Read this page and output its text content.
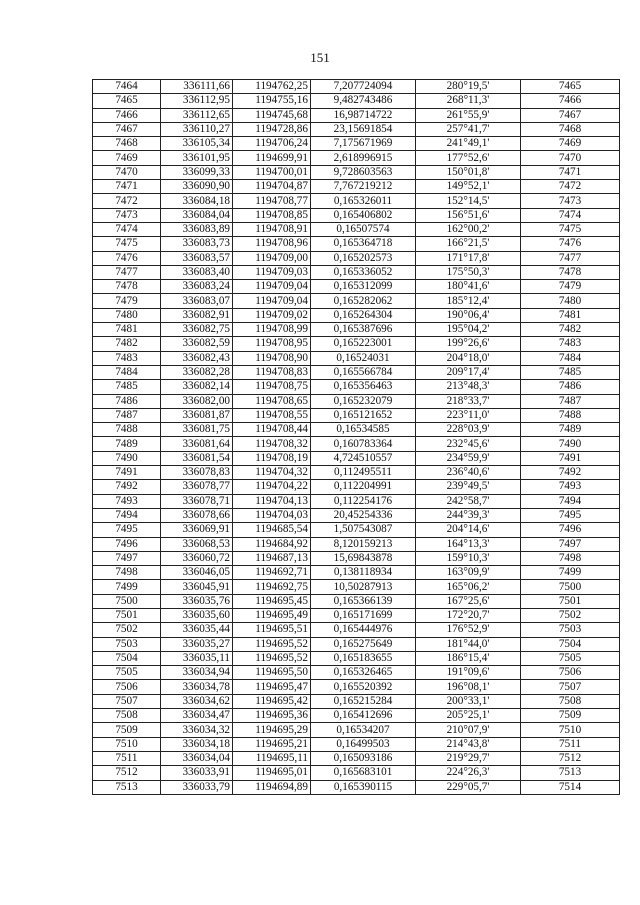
151
7464	336111,66	1194762,25	7,207724094	280°19,5'	7465
7465	336112,95	1194755,16	9,482743486	268°11,3'	7466
7466	336112,65	1194745,68	16,98714722	261°55,9'	7467
7467	336110,27	1194728,86	23,15691854	257°41,7'	7468
7468	336105,34	1194706,24	7,175671969	241°49,1'	7469
7469	336101,95	1194699,91	2,618996915	177°52,6'	7470
7470	336099,33	1194700,01	9,728603563	150°01,8'	7471
7471	336090,90	1194704,87	7,767219212	149°52,1'	7472
7472	336084,18	1194708,77	0,165326011	152°14,5'	7473
7473	336084,04	1194708,85	0,165406802	156°51,6'	7474
7474	336083,89	1194708,91	0,16507574	162°00,2'	7475
7475	336083,73	1194708,96	0,165364718	166°21,5'	7476
7476	336083,57	1194709,00	0,165202573	171°17,8'	7477
7477	336083,40	1194709,03	0,165336052	175°50,3'	7478
7478	336083,24	1194709,04	0,165312099	180°41,6'	7479
7479	336083,07	1194709,04	0,165282062	185°12,4'	7480
7480	336082,91	1194709,02	0,165264304	190°06,4'	7481
7481	336082,75	1194708,99	0,165387696	195°04,2'	7482
7482	336082,59	1194708,95	0,165223001	199°26,6'	7483
7483	336082,43	1194708,90	0,16524031	204°18,0'	7484
7484	336082,28	1194708,83	0,165566784	209°17,4'	7485
7485	336082,14	1194708,75	0,165356463	213°48,3'	7486
7486	336082,00	1194708,65	0,165232079	218°33,7'	7487
7487	336081,87	1194708,55	0,165121652	223°11,0'	7488
7488	336081,75	1194708,44	0,16534585	228°03,9'	7489
7489	336081,64	1194708,32	0,160783364	232°45,6'	7490
7490	336081,54	1194708,19	4,724510557	234°59,9'	7491
7491	336078,83	1194704,32	0,112495511	236°40,6'	7492
7492	336078,77	1194704,22	0,112204991	239°49,5'	7493
7493	336078,71	1194704,13	0,112254176	242°58,7'	7494
7494	336078,66	1194704,03	20,45254336	244°39,3'	7495
7495	336069,91	1194685,54	1,507543087	204°14,6'	7496
7496	336068,53	1194684,92	8,120159213	164°13,3'	7497
7497	336060,72	1194687,13	15,69843878	159°10,3'	7498
7498	336046,05	1194692,71	0,138118934	163°09,9'	7499
7499	336045,91	1194692,75	10,50287913	165°06,2'	7500
7500	336035,76	1194695,45	0,165366139	167°25,6'	7501
7501	336035,60	1194695,49	0,165171699	172°20,7'	7502
7502	336035,44	1194695,51	0,165444976	176°52,9'	7503
7503	336035,27	1194695,52	0,165275649	181°44,0'	7504
7504	336035,11	1194695,52	0,165183655	186°15,4'	7505
7505	336034,94	1194695,50	0,165326465	191°09,6'	7506
7506	336034,78	1194695,47	0,165520392	196°08,1'	7507
7507	336034,62	1194695,42	0,165215284	200°33,1'	7508
7508	336034,47	1194695,36	0,165412696	205°25,1'	7509
7509	336034,32	1194695,29	0,16534207	210°07,9'	7510
7510	336034,18	1194695,21	0,16499503	214°43,8'	7511
7511	336034,04	1194695,11	0,165093186	219°29,7'	7512
7512	336033,91	1194695,01	0,165683101	224°26,3'	7513
7513	336033,79	1194694,89	0,165390115	229°05,7'	7514
